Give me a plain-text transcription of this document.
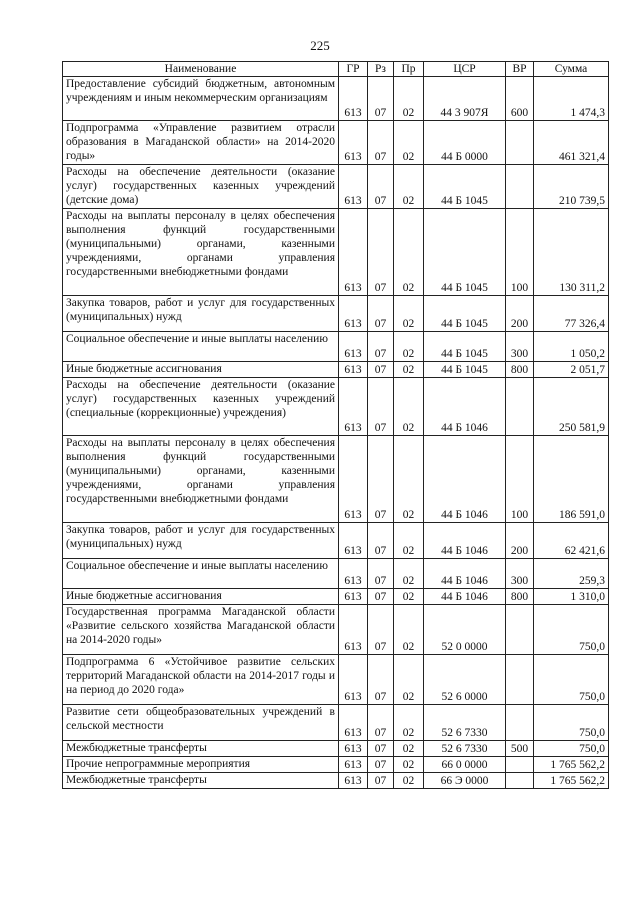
225
Наименование	ГР	Рз	Пр	ЦСР	ВР	Сумма
Предоставление субсидий бюджетным, автономным учреждениям и иным некоммерческим организациям	613	07	02	44 3 907Я	600	1 474,3
Подпрограмма «Управление развитием отрасли образования в Магаданской области» на 2014-2020 годы»	613	07	02	44 Б 0000		461 321,4
Расходы на обеспечение деятельности (оказание услуг) государственных казенных учреждений (детские дома)	613	07	02	44 Б 1045		210 739,5
Расходы на выплаты персоналу в целях обеспечения выполнения функций государственными (муниципальными) органами, казенными учреждениями, органами управления государственными внебюджетными фондами	613	07	02	44 Б 1045	100	130 311,2
Закупка товаров, работ и услуг для государственных (муниципальных) нужд	613	07	02	44 Б 1045	200	77 326,4
Социальное обеспечение и иные выплаты населению	613	07	02	44 Б 1045	300	1 050,2
Иные бюджетные ассигнования	613	07	02	44 Б 1045	800	2 051,7
Расходы на обеспечение деятельности (оказание услуг) государственных казенных учреждений (специальные (коррекционные) учреждения)	613	07	02	44 Б 1046		250 581,9
Расходы на выплаты персоналу в целях обеспечения выполнения функций государственными (муниципальными) органами, казенными учреждениями, органами управления государственными внебюджетными фондами	613	07	02	44 Б 1046	100	186 591,0
Закупка товаров, работ и услуг для государственных (муниципальных) нужд	613	07	02	44 Б 1046	200	62 421,6
Социальное обеспечение и иные выплаты населению	613	07	02	44 Б 1046	300	259,3
Иные бюджетные ассигнования	613	07	02	44 Б 1046	800	1 310,0
Государственная программа Магаданской области «Развитие сельского хозяйства Магаданской области на 2014-2020 годы»	613	07	02	52 0 0000		750,0
Подпрограмма 6 «Устойчивое развитие сельских территорий Магаданской области на 2014-2017 годы и на период до 2020 года»	613	07	02	52 6 0000		750,0
Развитие сети общеобразовательных учреждений в сельской местности	613	07	02	52 6 7330		750,0
Межбюджетные трансферты	613	07	02	52 6 7330	500	750,0
Прочие непрограммные мероприятия	613	07	02	66 0 0000		1 765 562,2
Межбюджетные трансферты	613	07	02	66 Э 0000		1 765 562,2
